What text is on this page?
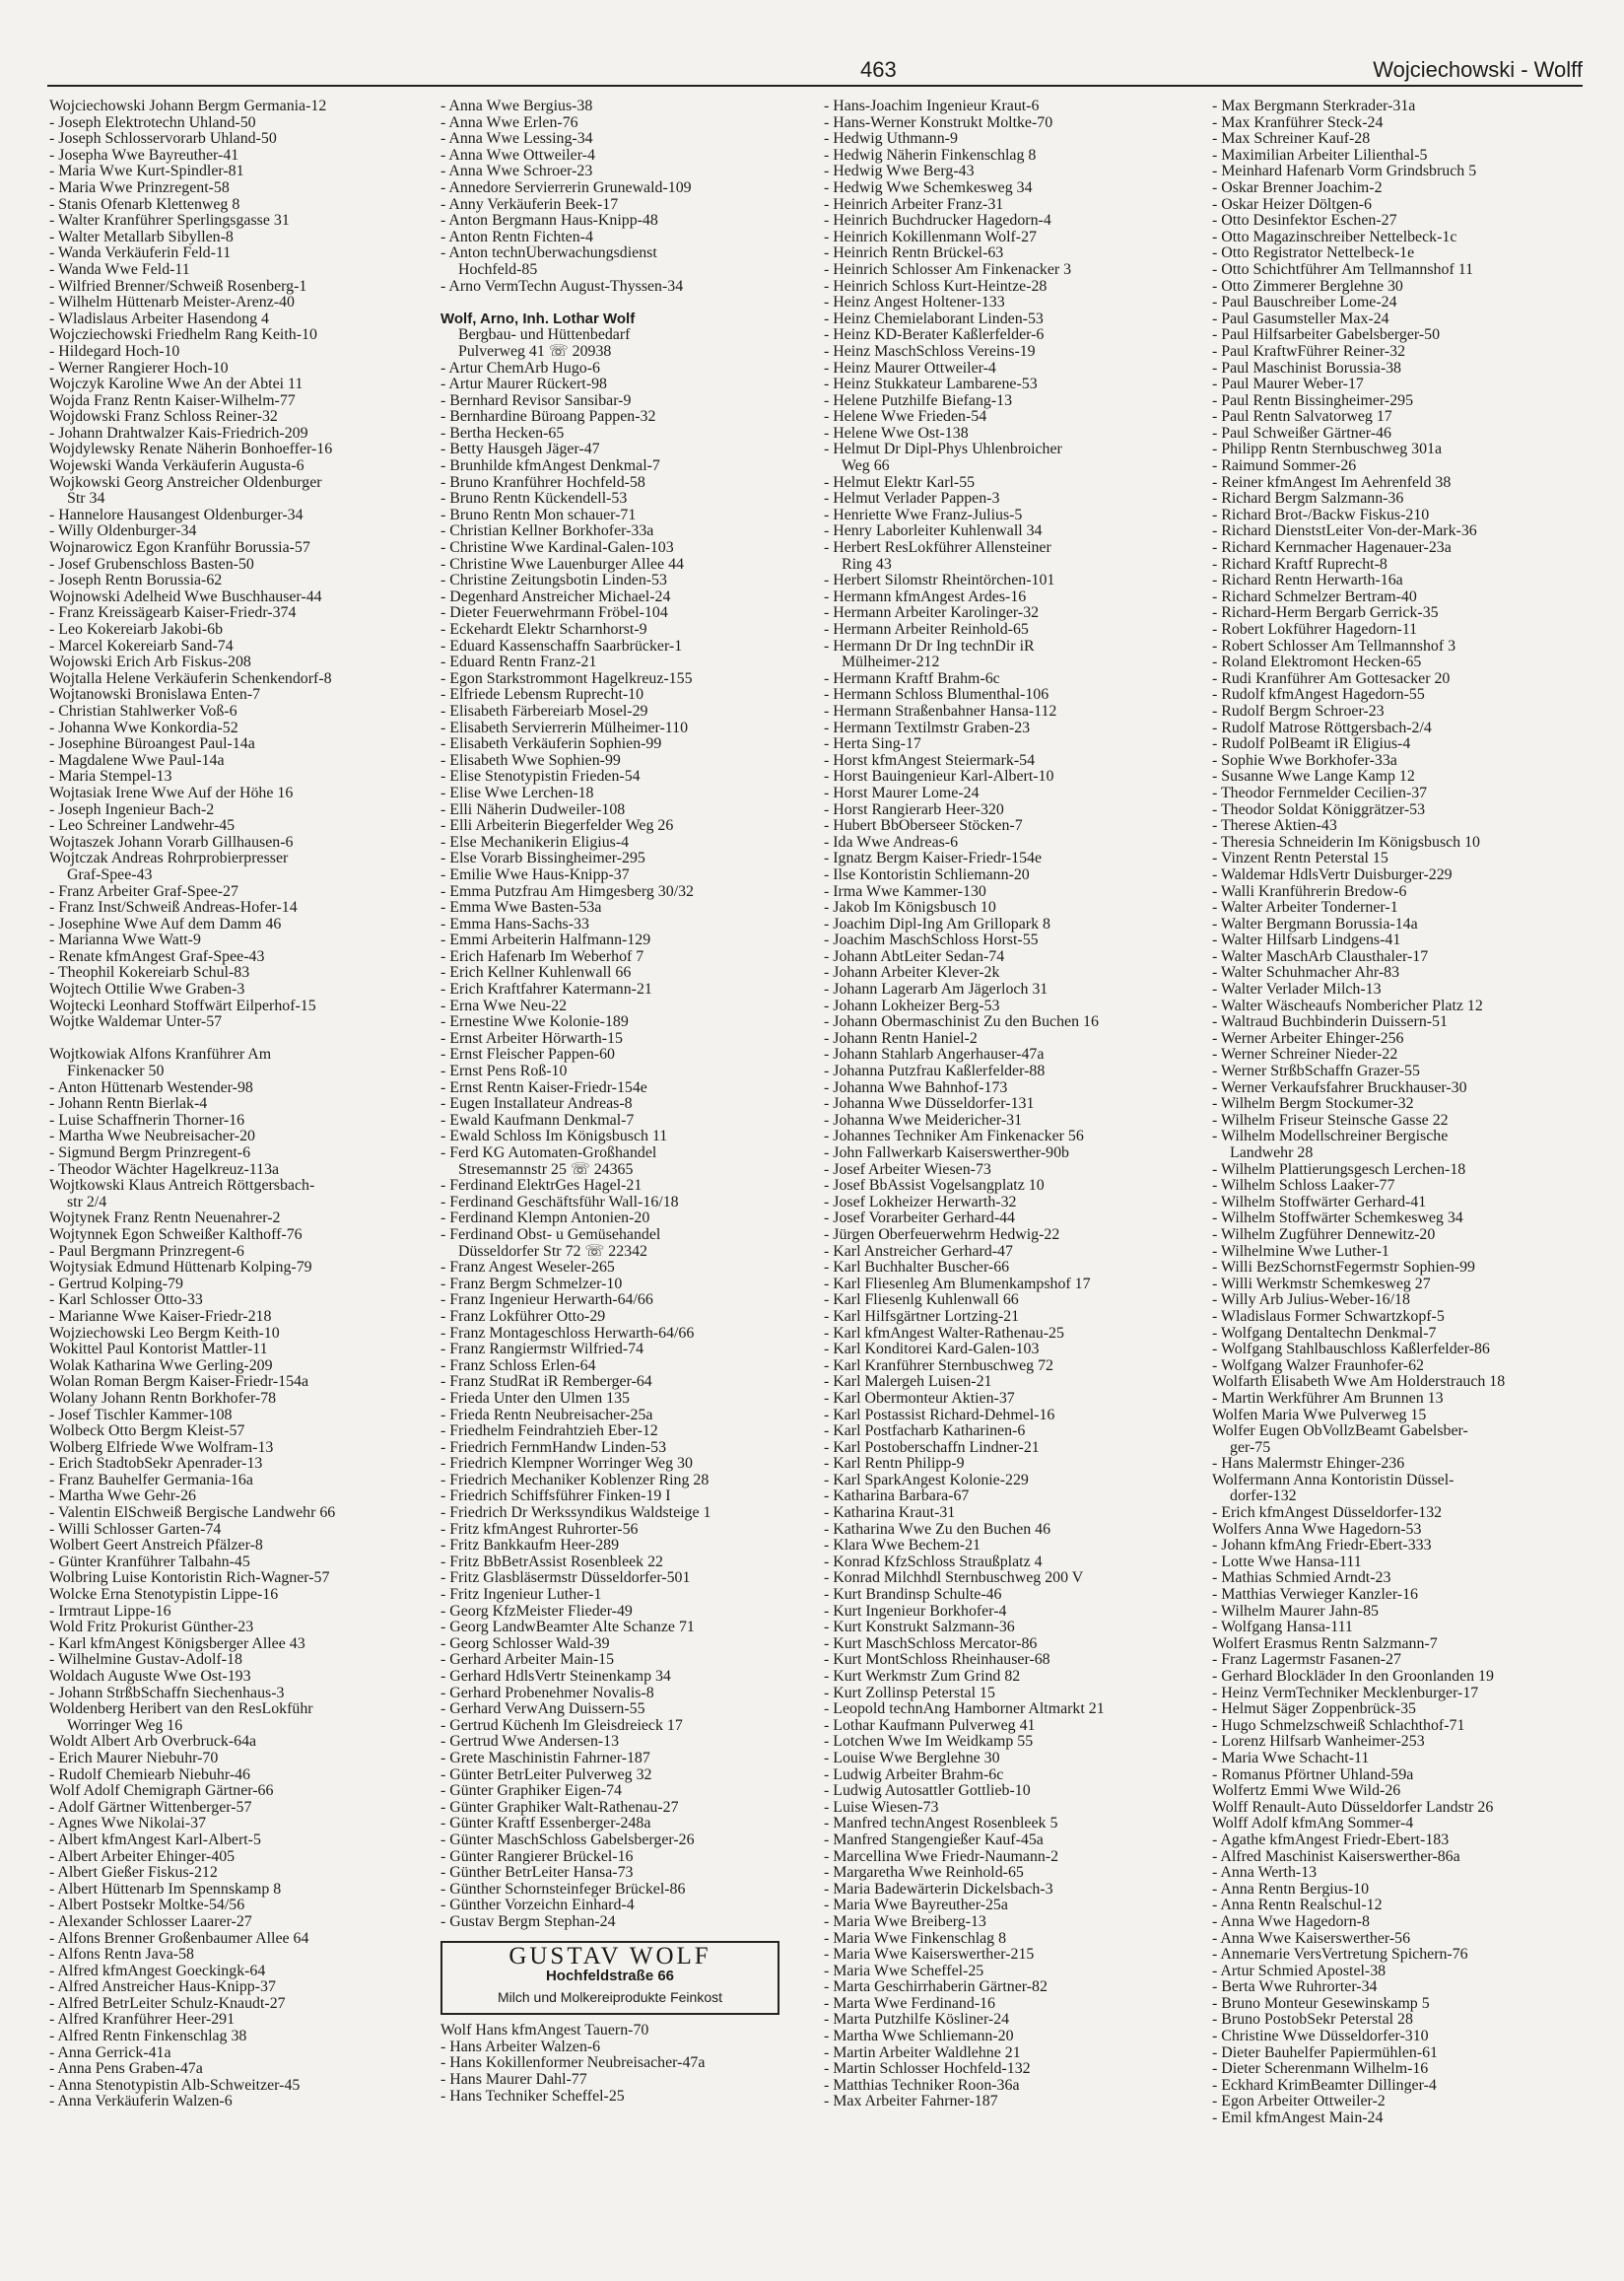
463	Wojciechowski - Wolff
Wojciechowski Johann Bergm Germania-12
- Joseph Elektrotechn Uhland-50
- Joseph Schlosservorarb Uhland-50
- Josepha Wwe Bayreuther-41
- Maria Wwe Kurt-Spindler-81
- Maria Wwe Prinzregent-58
- Stanis Ofenarb Klettenweg 8
- Walter Kranführer Sperlingsgasse 31
- Walter Metallarb Sibyllen-8
- Wanda Verkäuferin Feld-11
- Wanda Wwe Feld-11
- Wilfried Brenner/Schweiß Rosenberg-1
- Wilhelm Hüttenarb Meister-Arenz-40
- Wladislaus Arbeiter Hasendong 4
Wojcziechowski Friedhelm Rang Keith-10
- Hildegard Hoch-10
- Werner Rangierer Hoch-10
Wojczyk Karoline Wwe An der Abtei 11
Wojda Franz Rentn Kaiser-Wilhelm-77
Wojdowski Franz Schloss Reiner-32
- Johann Drahtwalzer Kais-Friedrich-209
Wojdylewsky Renate Näherin Bonhoeffer-16
Wojewski Wanda Verkäuferin Augusta-6
Wojkowski Georg Anstreicher Oldenburger
Str 34
- Hannelore Hausangest Oldenburger-34
- Willy Oldenburger-34
Wojnarowicz Egon Kranführ Borussia-57
- Josef Grubenschloss Basten-50
- Joseph Rentn Borussia-62
Wojnowski Adelheid Wwe Buschhauser-44
- Franz Kreissägearb Kaiser-Friedr-374
- Leo Kokereiarb Jakobi-6b
- Marcel Kokereiarb Sand-74
Wojowski Erich Arb Fiskus-208
Wojtalla Helene Verkäuferin Schenkendorf-8
Wojtanowski Bronislawa Enten-7
- Christian Stahlwerker Voß-6
- Johanna Wwe Konkordia-52
- Josephine Büroangest Paul-14a
- Magdalene Wwe Paul-14a
- Maria Stempel-13
Wojtasiak Irene Wwe Auf der Höhe 16
- Joseph Ingenieur Bach-2
- Leo Schreiner Landwehr-45
Wojtaszek Johann Vorarb Gillhausen-6
Wojtczak Andreas Rohrprobierpresser
Graf-Spee-43
- Franz Arbeiter Graf-Spee-27
- Franz Inst/Schweiß Andreas-Hofer-14
- Josephine Wwe Auf dem Damm 46
- Marianna Wwe Watt-9
- Renate kfmAngest Graf-Spee-43
- Theophil Kokereiarb Schul-83
Wojtech Ottilie Wwe Graben-3
Wojtecki Leonhard Stoffwärt Eilperhof-15
Wojtke Waldemar Unter-57

Wojtkowiak Alfons Kranführer Am
Finkenacker 50
- Anton Hüttenarb Westender-98
- Johann Rentn Bierlak-4
- Luise Schaffnerin Thorner-16
- Martha Wwe Neubreisacher-20
- Sigmund Bergm Prinzregent-6
- Theodor Wächter Hagelkreuz-113a
Wojtkowski Klaus Antreich Röttgersbach-
str 2/4
Wojtynek Franz Rentn Neuenahrer-2
Wojtynnek Egon Schweißer Kalthoff-76
- Paul Bergmann Prinzregent-6
Wojtysiak Edmund Hüttenarb Kolping-79
- Gertrud Kolping-79
- Karl Schlosser Otto-33
- Marianne Wwe Kaiser-Friedr-218
Wojziechowski Leo Bergm Keith-10
Wokittel Paul Kontorist Mattler-11
Wolak Katharina Wwe Gerling-209
Wolan Roman Bergm Kaiser-Friedr-154a
Wolany Johann Rentn Borkhofer-78
- Josef Tischler Kammer-108
Wolbeck Otto Bergm Kleist-57
Wolberg Elfriede Wwe Wolfram-13
- Erich StadtobSekr Apenrader-13
- Franz Bauhelfer Germania-16a
- Martha Wwe Gehr-26
- Valentin ElSchweiß Bergische Landwehr 66
- Willi Schlosser Garten-74
Wolbert Geert Anstreich Pfälzer-8
- Günter Kranführer Talbahn-45
Wolbring Luise Kontoristin Rich-Wagner-57
Wolcke Erna Stenotypistin Lippe-16
- Irmtraut Lippe-16
Wold Fritz Prokurist Günther-23
- Karl kfmAngest Königsberger Allee 43
- Wilhelmine Gustav-Adolf-18
Woldach Auguste Wwe Ost-193
- Johann StrßbSchaffn Siechenhaus-3
Woldenberg Heribert van den ResLokführ
Worringer Weg 16
Woldt Albert Arb Overbruck-64a
- Erich Maurer Niebuhr-70
- Rudolf Chemiearb Niebuhr-46
Wolf Adolf Chemigraph Gärtner-66
- Adolf Gärtner Wittenberger-57
- Agnes Wwe Nikolai-37
- Albert kfmAngest Karl-Albert-5
- Albert Arbeiter Ehinger-405
- Albert Gießer Fiskus-212
- Albert Hüttenarb Im Spennskamp 8
- Albert Postsekr Moltke-54/56
- Alexander Schlosser Laarer-27
- Alfons Brenner Großenbaumer Allee 64
- Alfons Rentn Java-58
- Alfred kfmAngest Goeckingk-64
- Alfred Anstreicher Haus-Knipp-37
- Alfred BetrLeiter Schulz-Knaudt-27
- Alfred Kranführer Heer-291
- Alfred Rentn Finkenschlag 38
- Anna Gerrick-41a
- Anna Pens Graben-47a
- Anna Stenotypistin Alb-Schweitzer-45
- Anna Verkäuferin Walzen-6
- Anna Wwe Bergius-38
- Anna Wwe Erlen-76
- Anna Wwe Lessing-34
- Anna Wwe Ottweiler-4
- Anna Wwe Schroer-23
- Annedore Servierrerin Grunewald-109
- Anny Verkäuferin Beek-17
- Anton Bergmann Haus-Knipp-48
- Anton Rentn Fichten-4
- Anton technÜberwachungsdienst
Hochfeld-85
- Arno VermTechn August-Thyssen-34

Wolf, Arno, Inh. Lothar Wolf
Bergbau- und Hüttenbedarf
Pulverweg 41 ☏ 20938
- Artur ChemArb Hugo-6
- Artur Maurer Rückert-98
- Bernhard Revisor Sansibar-9
- Bernhardine Büroang Pappen-32
- Bertha Hecken-65
- Betty Hausgeh Jäger-47
- Brunhilde kfmAngest Denkmal-7
- Bruno Kranführer Hochfeld-58
- Bruno Rentn Kückendell-53
- Bruno Rentn Mon schauer-71
- Christian Kellner Borkhofer-33a
- Christine Wwe Kardinal-Galen-103
- Christine Wwe Lauenburger Allee 44
- Christine Zeitungsbotin Linden-53
- Degenhard Anstreicher Michael-24
- Dieter Feuerwehrmann Fröbel-104
- Eckehardt Elektr Scharnhorst-9
- Eduard Kassenschaffn Saarbrücker-1
- Eduard Rentn Franz-21
- Egon Starkstrommont Hagelkreuz-155
- Elfriede Lebensm Ruprecht-10
- Elisabeth Färbereiarb Mosel-29
- Elisabeth Servierrerin Mülheimer-110
- Elisabeth Verkäuferin Sophien-99
- Elisabeth Wwe Sophien-99
- Elise Stenotypistin Frieden-54
- Elise Wwe Lerchen-18
- Elli Näherin Dudweiler-108
- Elli Arbeiterin Biegerfelder Weg 26
- Else Mechanikerin Eligius-4
- Else Vorarb Bissingheimer-295
- Emilie Wwe Haus-Knipp-37
- Emma Putzfrau Am Himgesberg 30/32
- Emma Wwe Basten-53a
- Emma Hans-Sachs-33
- Emmi Arbeiterin Halfmann-129
- Erich Hafenarb Im Weberhof 7
- Erich Kellner Kuhlenwall 66
- Erich Kraftfahrer Katermann-21
- Erna Wwe Neu-22
- Ernestine Wwe Kolonie-189
- Ernst Arbeiter Hörwarth-15
- Ernst Fleischer Pappen-60
- Ernst Pens Roß-10
- Ernst Rentn Kaiser-Friedr-154e
- Eugen Installateur Andreas-8
- Ewald Kaufmann Denkmal-7
- Ewald Schloss Im Königsbusch 11
- Ferd KG Automaten-Großhandel
Stresemannstr 25 ☏ 24365
- Ferdinand ElektrGes Hagel-21
- Ferdinand Geschäftsführ Wall-16/18
- Ferdinand Klempn Antonien-20
- Ferdinand Obst- u Gemüsehandel
Düsseldorfer Str 72 ☏ 22342
- Franz Angest Weseler-265
- Franz Bergm Schmelzer-10
- Franz Ingenieur Herwarth-64/66
- Franz Lokführer Otto-29
- Franz Montageschloss Herwarth-64/66
- Franz Rangiermstr Wilfried-74
- Franz Schloss Erlen-64
- Franz StudRat iR Remberger-64
- Frieda Unter den Ulmen 135
- Frieda Rentn Neubreisacher-25a
- Friedhelm Feindrahtzieh Eber-12
- Friedrich FernmHandw Linden-53
- Friedrich Klempner Worringer Weg 30
- Friedrich Mechaniker Koblenzer Ring 28
- Friedrich Schiffsführer Finken-19 I
- Friedrich Dr Werkssyndikus Waldsteige 1
- Fritz kfmAngest Ruhrorter-56
- Fritz Bankkaufm Heer-289
- Fritz BbBetrAssist Rosenbleek 22
- Fritz Glasbläsermstr Düsseldorfer-501
- Fritz Ingenieur Luther-1
- Georg KfzMeister Flieder-49
- Georg LandwBeamter Alte Schanze 71
- Georg Schlosser Wald-39
- Gerhard Arbeiter Main-15
- Gerhard HdlsVertr Steinenkamp 34
- Gerhard Probenehmer Novalis-8
- Gerhard VerwAng Duissern-55
- Gertrud Küchenh Im Gleisdreieck 17
- Gertrud Wwe Andersen-13
- Grete Maschinistin Fahrner-187
- Günter BetrLeiter Pulverweg 32
- Günter Graphiker Eigen-74
- Günter Graphiker Walt-Rathenau-27
- Günter Kraftf Essenberger-248a
- Günter MaschSchloss Gabelsberger-26
- Günter Rangierer Brückel-16
- Günther BetrLeiter Hansa-73
- Günther Schornsteinfeger Brückel-86
- Günther Vorzeichn Einhard-4
- Gustav Bergm Stephan-24
GUSTAV WOLF
Hochfeldstraße 66
Milch und Molkereiprodukte Feinkost
Wolf Hans kfmAngest Tauern-70
- Hans Arbeiter Walzen-6
- Hans Kokillenformer Neubreisacher-47a
- Hans Maurer Dahl-77
- Hans Techniker Scheffel-25
- Hans-Joachim Ingenieur Kraut-6
- Hans-Werner Konstrukt Moltke-70
- Hedwig Uthmann-9
- Hedwig Näherin Finkenschlag 8
- Hedwig Wwe Berg-43
- Hedwig Wwe Schemkesweg 34
- Heinrich Arbeiter Franz-31
- Heinrich Buchdrucker Hagedorn-4
- Heinrich Kokillenmann Wolf-27
- Heinrich Rentn Brückel-63
- Heinrich Schlosser Am Finkenacker 3
- Heinrich Schloss Kurt-Heintze-28
- Heinz Angest Holtener-133
- Heinz Chemielaborant Linden-53
- Heinz KD-Berater Kaßlerfelder-6
- Heinz MaschSchloss Vereins-19
- Heinz Maurer Ottweiler-4
- Heinz Stukkateur Lambarene-53
- Helene Putzhilfe Biefang-13
- Helene Wwe Frieden-54
- Helene Wwe Ost-138
- Helmut Dr Dipl-Phys Uhlenbroicher
Weg 66
- Helmut Elektr Karl-55
- Helmut Verlader Pappen-3
- Henriette Wwe Franz-Julius-5
- Henry Laborleiter Kuhlenwall 34
- Herbert ResLokführer Allensteiner
Ring 43
- Herbert Silomstr Rheintörchen-101
- Hermann kfmAngest Ardes-16
- Hermann Arbeiter Karolinger-32
- Hermann Arbeiter Reinhold-65
- Hermann Dr Dr Ing technDir iR
Mülheimer-212
- Hermann Kraftf Brahm-6c
- Hermann Schloss Blumenthal-106
- Hermann Straßenbahner Hansa-112
- Hermann Textilmstr Graben-23
- Herta Sing-17
- Horst kfmAngest Steiermark-54
- Horst Bauingenieur Karl-Albert-10
- Horst Maurer Lome-24
- Horst Rangierarb Heer-320
- Hubert BbOberseer Stöcken-7
- Ida Wwe Andreas-6
- Ignatz Bergm Kaiser-Friedr-154e
- Ilse Kontoristin Schliemann-20
- Irma Wwe Kammer-130
- Jakob Im Königsbusch 10
- Joachim Dipl-Ing Am Grillopark 8
- Joachim MaschSchloss Horst-55
- Johann AbtLeiter Sedan-74
- Johann Arbeiter Klever-2k
- Johann Lagerarb Am Jägerloch 31
- Johann Lokheizer Berg-53
- Johann Obermaschinist Zu den Buchen 16
- Johann Rentn Haniel-2
- Johann Stahlarb Angerhauser-47a
- Johanna Putzfrau Kaßlerfelder-88
- Johanna Wwe Bahnhof-173
- Johanna Wwe Düsseldorfer-131
- Johanna Wwe Meidericher-31
- Johannes Techniker Am Finkenacker 56
- John Fallwerkarb Kaiserswerther-90b
- Josef Arbeiter Wiesen-73
- Josef BbAssist Vogelsangplatz 10
- Josef Lokheizer Herwarth-32
- Josef Vorarbeiter Gerhard-44
- Jürgen Oberfeuerwehrm Hedwig-22
- Karl Anstreicher Gerhard-47
- Karl Buchhalter Buscher-66
- Karl Fliesenleg Am Blumenkampshof 17
- Karl Fliesenlg Kuhlenwall 66
- Karl Hilfsgärtner Lortzing-21
- Karl kfmAngest Walter-Rathenau-25
- Karl Konditorei Kard-Galen-103
- Karl Kranführer Sternbuschweg 72
- Karl Malergeh Luisen-21
- Karl Obermonteur Aktien-37
- Karl Postassist Richard-Dehmel-16
- Karl Postfacharb Katharinen-6
- Karl Postoberschaffn Lindner-21
- Karl Rentn Philipp-9
- Karl SparkAngest Kolonie-229
- Katharina Barbara-67
- Katharina Kraut-31
- Katharina Wwe Zu den Buchen 46
- Klara Wwe Bechem-21
- Konrad KfzSchloss Straußplatz 4
- Konrad Milchhdl Sternbuschweg 200 V
- Kurt Brandinsp Schulte-46
- Kurt Ingenieur Borkhofer-4
- Kurt Konstrukt Salzmann-36
- Kurt MaschSchloss Mercator-86
- Kurt MontSchloss Rheinhauser-68
- Kurt Werkmstr Zum Grind 82
- Kurt Zollinsp Peterstal 15
- Leopold technAng Hamborner Altmarkt 21
- Lothar Kaufmann Pulverweg 41
- Lotchen Wwe Im Weidkamp 55
- Louise Wwe Berglehne 30
- Ludwig Arbeiter Brahm-6c
- Ludwig Autosattler Gottlieb-10
- Luise Wiesen-73
- Manfred technAngest Rosenbleek 5
- Manfred Stangengießer Kauf-45a
- Marcellina Wwe Friedr-Naumann-2
- Margaretha Wwe Reinhold-65
- Maria Badewärterin Dickelsbach-3
- Maria Wwe Bayreuther-25a
- Maria Wwe Breiberg-13
- Maria Wwe Finkenschlag 8
- Maria Wwe Kaiserswerther-215
- Maria Wwe Scheffel-25
- Marta Geschirrhaberin Gärtner-82
- Marta Wwe Ferdinand-16
- Marta Putzhilfe Kösliner-24
- Martha Wwe Schliemann-20
- Martin Arbeiter Waldlehne 21
- Martin Schlosser Hochfeld-132
- Matthias Techniker Roon-36a
- Max Arbeiter Fahrner-187
- Max Bergmann Sterkrader-31a
- Max Kranführer Steck-24
- Max Schreiner Kauf-28
- Maximilian Arbeiter Lilienthal-5
- Meinhard Hafenarb Vorm Grindsbruch 5
- Oskar Brenner Joachim-2
- Oskar Heizer Döltgen-6
- Otto Desinfektor Eschen-27
- Otto Magazinschreiber Nettelbeck-1c
- Otto Registrator Nettelbeck-1e
- Otto Schichtführer Am Tellmannshof 11
- Otto Zimmerer Berglehne 30
- Paul Bauschreiber Lome-24
- Paul Gasumsteller Max-24
- Paul Hilfsarbeiter Gabelsberger-50
- Paul KraftwFührer Reiner-32
- Paul Maschinist Borussia-38
- Paul Maurer Weber-17
- Paul Rentn Bissingheimer-295
- Paul Rentn Salvatorweg 17
- Paul Schweißer Gärtner-46
- Philipp Rentn Sternbuschweg 301a
- Raimund Sommer-26
- Reiner kfmAngest Im Aehrenfeld 38
- Richard Bergm Salzmann-36
- Richard Brot-/Backw Fiskus-210
- Richard DienststLeiter Von-der-Mark-36
- Richard Kernmacher Hagenauer-23a
- Richard Kraftf Ruprecht-8
- Richard Rentn Herwarth-16a
- Richard Schmelzer Bertram-40
- Richard-Herm Bergarb Gerrick-35
- Robert Lokführer Hagedorn-11
- Robert Schlosser Am Tellmannshof 3
- Roland Elektromont Hecken-65
- Rudi Kranführer Am Gottesacker 20
- Rudolf kfmAngest Hagedorn-55
- Rudolf Bergm Schroer-23
- Rudolf Matrose Röttgersbach-2/4
- Rudolf PolBeamt iR Eligius-4
- Sophie Wwe Borkhofer-33a
- Susanne Wwe Lange Kamp 12
- Theodor Fernmelder Cecilien-37
- Theodor Soldat Königgrätzer-53
- Therese Aktien-43
- Theresia Schneiderin Im Königsbusch 10
- Vinzent Rentn Peterstal 15
- Waldemar HdlsVertr Duisburger-229
- Walli Kranführerin Bredow-6
- Walter Arbeiter Tonderner-1
- Walter Bergmann Borussia-14a
- Walter Hilfsarb Lindgens-41
- Walter MaschArb Clausthaler-17
- Walter Schuhmacher Ahr-83
- Walter Verlader Milch-13
- Walter Wäscheaufs Nombericher Platz 12
- Waltraud Buchbinderin Duissern-51
- Werner Arbeiter Ehinger-256
- Werner Schreiner Nieder-22
- Werner StrßbSchaffn Grazer-55
- Werner Verkaufsfahrer Bruckhauser-30
- Wilhelm Bergm Stockumer-32
- Wilhelm Friseur Steinsche Gasse 22
- Wilhelm Modellschreiner Bergische
Landwehr 28
- Wilhelm Plattierungsgesch Lerchen-18
- Wilhelm Schloss Laaker-77
- Wilhelm Stoffwärter Gerhard-41
- Wilhelm Stoffwärter Schemkesweg 34
- Wilhelm Zugführer Dennewitz-20
- Wilhelmine Wwe Luther-1
- Willi BezSchornstFegermstr Sophien-99
- Willi Werkmstr Schemkesweg 27
- Willy Arb Julius-Weber-16/18
- Wladislaus Former Schwartzkopf-5
- Wolfgang Dentaltechn Denkmal-7
- Wolfgang Stahlbauschloss Kaßlerfelder-86
- Wolfgang Walzer Fraunhofer-62
Wolfarth Elisabeth Wwe Am Holderstrauch 18
- Martin Werkführer Am Brunnen 13
Wolfen Maria Wwe Pulverweg 15
Wolfer Eugen ObVollzBeamt Gabelsber-
ger-75
- Hans Malermstr Ehinger-236
Wolfermann Anna Kontoristin Düssel-
dorfer-132
- Erich kfmAngest Düsseldorfer-132
Wolfers Anna Wwe Hagedorn-53
- Johann kfmAng Friedr-Ebert-333
- Lotte Wwe Hansa-111
- Mathias Schmied Arndt-23
- Matthias Verwieger Kanzler-16
- Wilhelm Maurer Jahn-85
- Wolfgang Hansa-111
Wolfert Erasmus Rentn Salzmann-7
- Franz Lagermstr Fasanen-27
- Gerhard Blockläder In den Groonlanden 19
- Heinz VermTechniker Mecklenburger-17
- Helmut Säger Zoppenbrück-35
- Hugo Schmelzschweiß Schlachthof-71
- Lorenz Hilfsarb Wanheimer-253
- Maria Wwe Schacht-11
- Romanus Pförtner Uhland-59a
Wolfertz Emmi Wwe Wild-26
Wolff Renault-Auto Düsseldorfer Landstr 26
Wolff Adolf kfmAng Sommer-4
- Agathe kfmAngest Friedr-Ebert-183
- Alfred Maschinist Kaiserswerther-86a
- Anna Werth-13
- Anna Rentn Bergius-10
- Anna Rentn Realschul-12
- Anna Wwe Hagedorn-8
- Anna Wwe Kaiserswerther-56
- Annemarie VersVertretung Spichern-76
- Artur Schmied Apostel-38
- Berta Wwe Ruhrorter-34
- Bruno Monteur Gesewinskamp 5
- Bruno PostobSekr Peterstal 28
- Christine Wwe Düsseldorfer-310
- Dieter Bauhelfer Papiermühlen-61
- Dieter Scherenmann Wilhelm-16
- Eckhard KrimBeamter Dillinger-4
- Egon Arbeiter Ottweiler-2
- Emil kfmAngest Main-24
